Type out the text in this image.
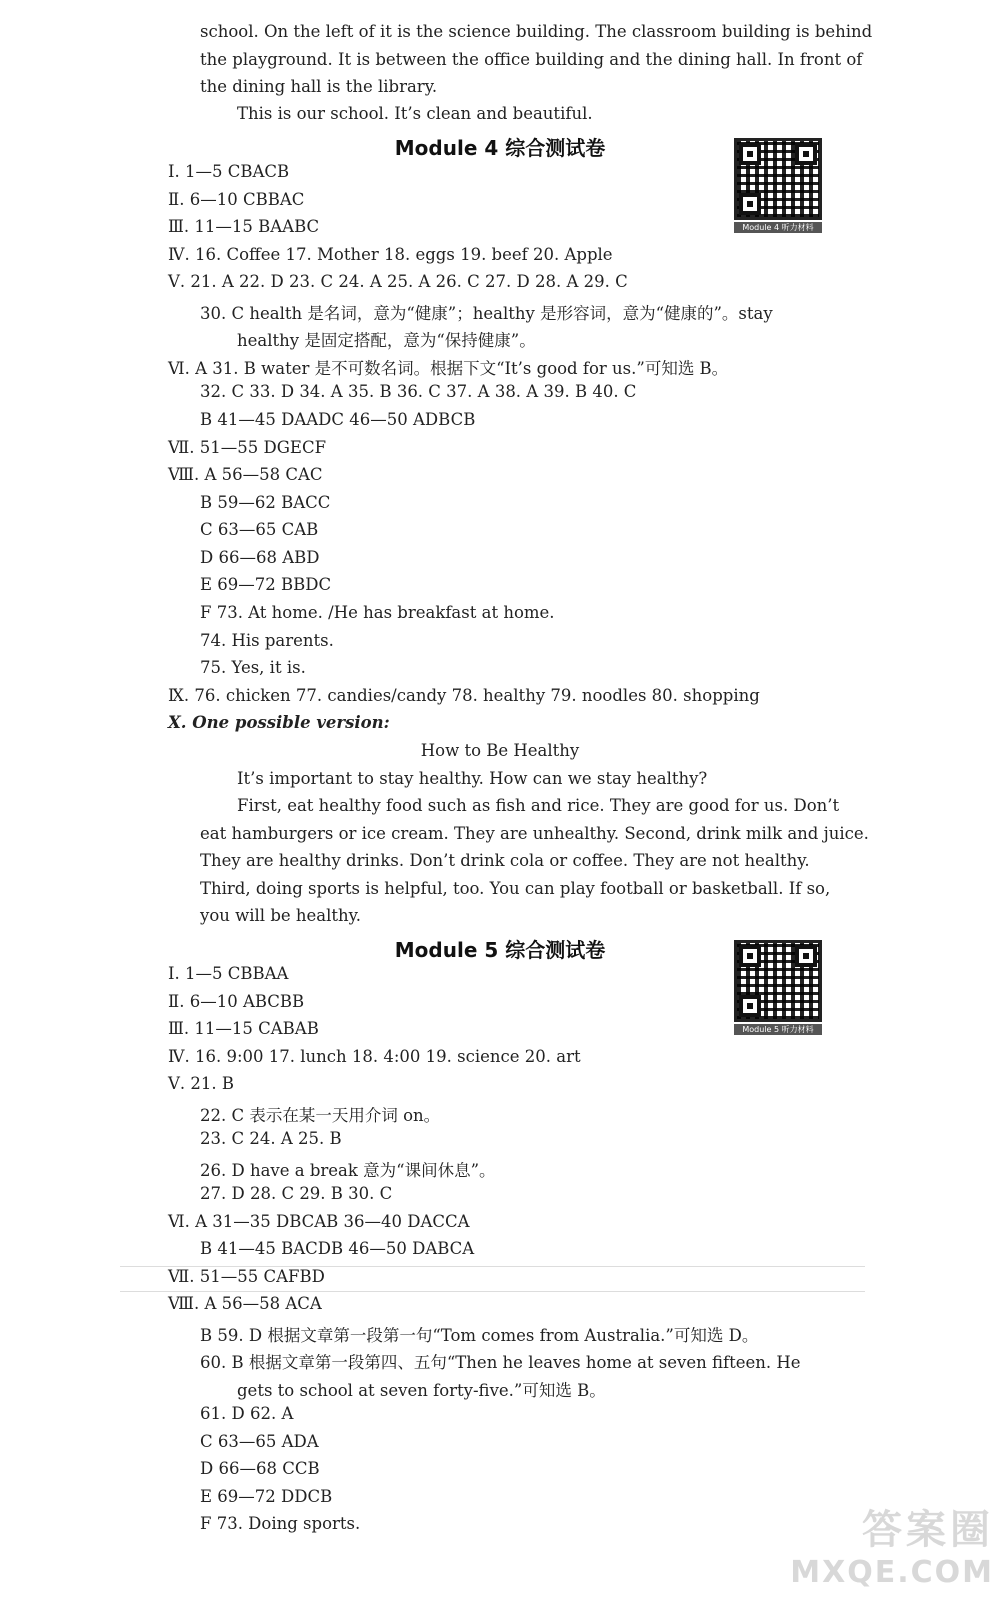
school. On the left of it is the science building. The classroom building is behind
the playground. It is between the office building and the dining hall. In front of
the dining hall is the library.
This is our school. It’s clean and beautiful.
Module 4 综合测试卷
Module 4 听力材料
Ⅰ. 1—5 CBACB
Ⅱ. 6—10 CBBAC
Ⅲ. 11—15 BAABC
Ⅳ. 16. Coffee 17. Mother 18. eggs 19. beef 20. Apple
Ⅴ. 21. A 22. D 23. C 24. A 25. A 26. C 27. D 28. A 29. C
30. C health 是名词，意为“健康”；healthy 是形容词，意为“健康的”。stay
healthy 是固定搭配，意为“保持健康”。
Ⅵ. A 31. B water 是不可数名词。根据下文“It’s good for us.”可知选 B。
32. C 33. D 34. A 35. B 36. C 37. A 38. A 39. B 40. C
B 41—45 DAADC 46—50 ADBCB
Ⅶ. 51—55 DGECF
Ⅷ. A 56—58 CAC
B 59—62 BACC
C 63—65 CAB
D 66—68 ABD
E 69—72 BBDC
F 73. At home. /He has breakfast at home.
74. His parents.
75. Yes, it is.
Ⅸ. 76. chicken 77. candies/candy 78. healthy 79. noodles 80. shopping
Ⅹ. One possible version:
How to Be Healthy
It’s important to stay healthy. How can we stay healthy?
First, eat healthy food such as fish and rice. They are good for us. Don’t
eat hamburgers or ice cream. They are unhealthy. Second, drink milk and juice.
They are healthy drinks. Don’t drink cola or coffee. They are not healthy.
Third, doing sports is helpful, too. You can play football or basketball. If so,
you will be healthy.
Module 5 综合测试卷
Module 5 听力材料
Ⅰ. 1—5 CBBAA
Ⅱ. 6—10 ABCBB
Ⅲ. 11—15 CABAB
Ⅳ. 16. 9:00 17. lunch 18. 4:00 19. science 20. art
Ⅴ. 21. B
22. C 表示在某一天用介词 on。
23. C 24. A 25. B
26. D have a break 意为“课间休息”。
27. D 28. C 29. B 30. C
Ⅵ. A 31—35 DBCAB 36—40 DACCA
B 41—45 BACDB 46—50 DABCA
Ⅶ. 51—55 CAFBD
Ⅷ. A 56—58 ACA
B 59. D 根据文章第一段第一句“Tom comes from Australia.”可知选 D。
60. B 根据文章第一段第四、五句“Then he leaves home at seven fifteen. He
gets to school at seven forty-five.”可知选 B。
61. D 62. A
C 63—65 ADA
D 66—68 CCB
E 69—72 DDCB
F 73. Doing sports.	答案圈
MXQE.COM
